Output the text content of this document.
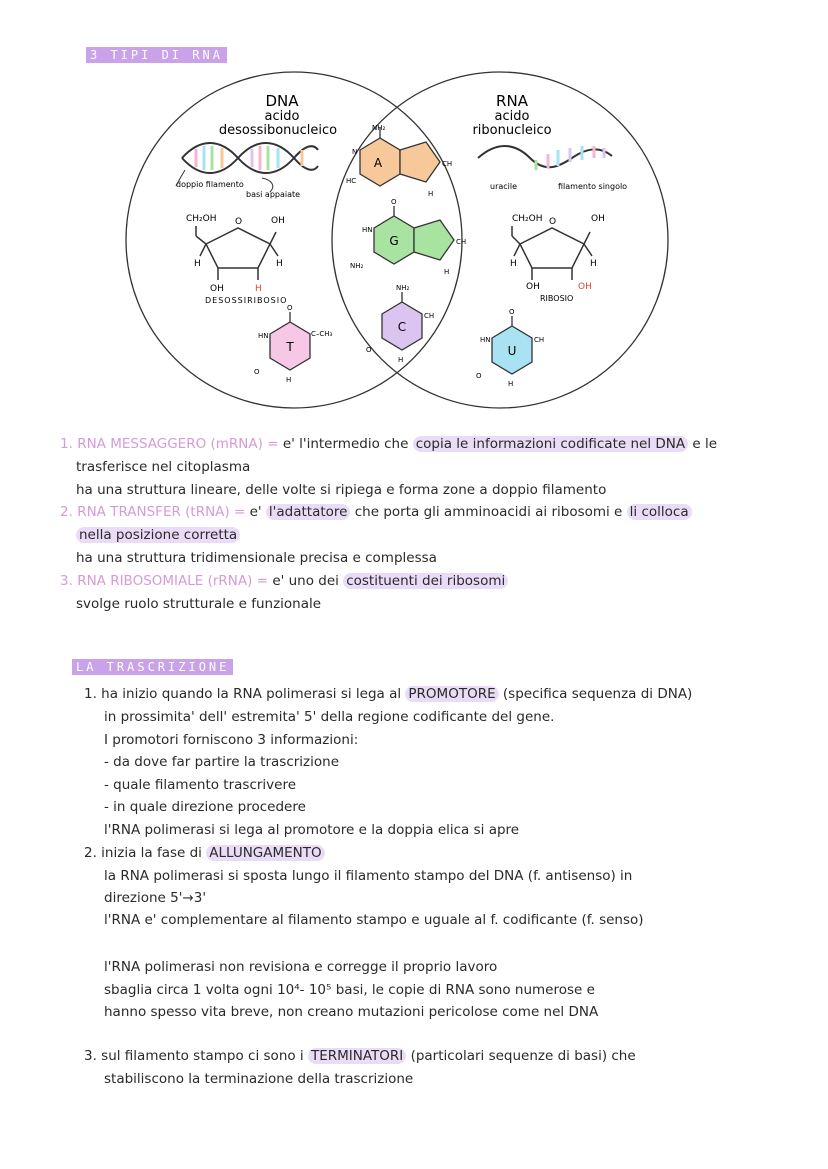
3 TIPI DI RNA
DNA
acido
desossibonucleico
RNA
acido
ribonucleico
doppio filamento
basi appaiate
uracile	filamento singolo
CH₂OH O	OH
H	H
OH	H
DESOSSIRIBOSIO
CH₂OH O	OH
H	H
OH	OH
RIBOSIO
A
NH₂
N
HC
CH
H
G
O
HN
NH₂
CH
H
C
NH₂
CH
O
H
T
O
HN	C–CH₃
O
H
U
O
HN	CH
O
H
1. RNA MESSAGGERO (mRNA) = e' l'intermedio che copia le informazioni codificate nel DNA e le
trasferisce nel citoplasma
ha una struttura lineare, delle volte si ripiega e forma zone a doppio filamento
2. RNA TRANSFER (tRNA) = e' l'adattatore che porta gli amminoacidi ai ribosomi e li colloca
nella posizione corretta
ha una struttura tridimensionale precisa e complessa
3. RNA RIBOSOMIALE (rRNA) = e' uno dei costituenti dei ribosomi
svolge ruolo strutturale e funzionale
LA TRASCRIZIONE
1. ha inizio quando la RNA polimerasi si lega al PROMOTORE (specifica sequenza di DNA)
in prossimita' dell' estremita' 5' della regione codificante del gene.
I promotori forniscono 3 informazioni:
- da dove far partire la trascrizione
- quale filamento trascrivere
- in quale direzione procedere
l'RNA polimerasi si lega al promotore e la doppia elica si apre
2. inizia la fase di ALLUNGAMENTO
la RNA polimerasi si sposta lungo il filamento stampo del DNA (f. antisenso) in
direzione 5'→3'
l'RNA e' complementare al filamento stampo e uguale al f. codificante (f. senso)
l'RNA polimerasi non revisiona e corregge il proprio lavoro
sbaglia circa 1 volta ogni 10⁴- 10⁵ basi, le copie di RNA sono numerose e
hanno spesso vita breve, non creano mutazioni pericolose come nel DNA
3. sul filamento stampo ci sono i TERMINATORI (particolari sequenze di basi) che
stabiliscono la terminazione della trascrizione
